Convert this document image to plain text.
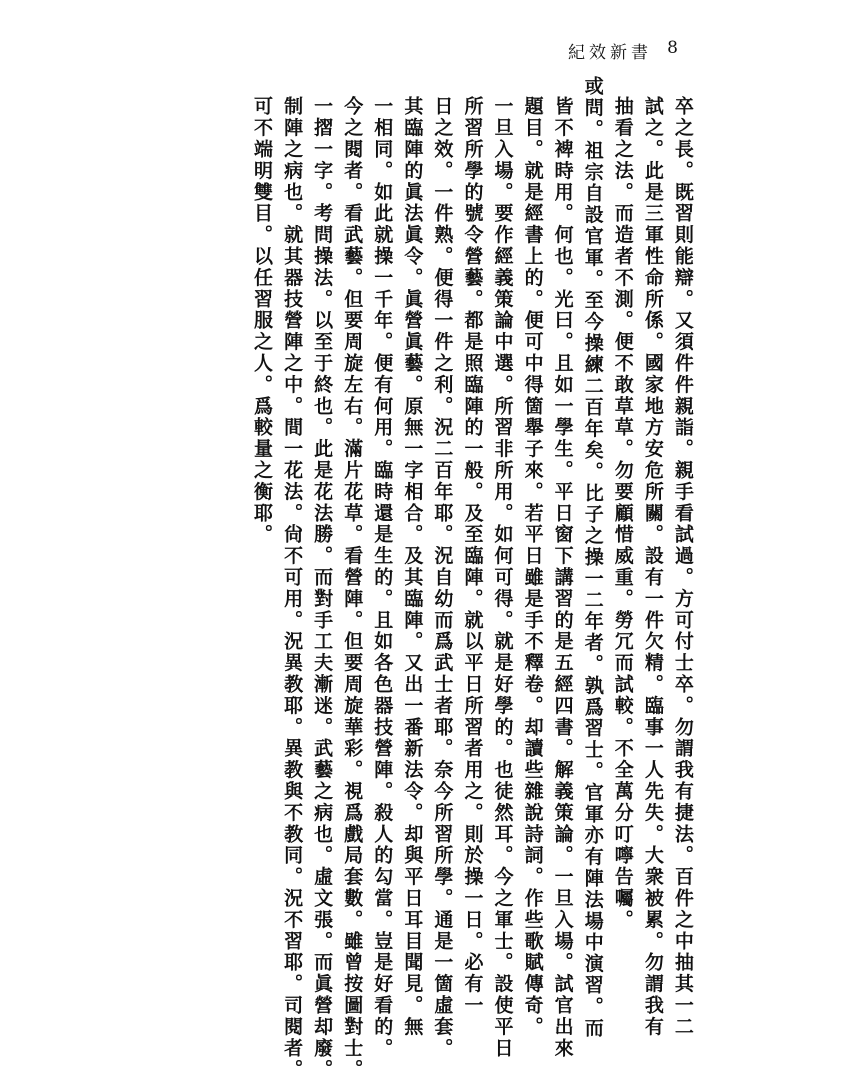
紀效新書 8
卒之長。既習則能辯。又須件件親詣。親手看試過。方可付士卒。勿謂我有捷法。百件之中抽其一二
試之。此是三軍性命所係。國家地方安危所關。設有一件欠精。臨事一人先失。大衆被累。勿謂我有
抽看之法。而造者不測。便不敢草草。勿要顧惜威重。勞冗而試較。不全萬分叮嚀告囑。
或問。祖宗自設官軍。至今操練二百年矣。比子之操一二年者。孰爲習士。官軍亦有陣法場中演習。而
皆不裨時用。何也。光曰。且如一學生。平日窗下講習的是五經四書。解義策論。一旦入場。試官出來
題目。就是經書上的。便可中得箇舉子來。若平日雖是手不釋卷。却讀些雜說詩詞。作些歌賦傳奇。
一旦入場。要作經義策論中選。所習非所用。如何可得。就是好學的。也徒然耳。今之軍士。設使平日
所習所學的號令營藝。都是照臨陣的一般。及至臨陣。就以平日所習者用之。則於操一日。必有一
日之效。一件熟。便得一件之利。況二百年耶。況自幼而爲武士者耶。奈今所習所學。通是一箇虛套。
其臨陣的眞法眞令。眞營眞藝。原無一字相合。及其臨陣。又出一番新法令。却與平日耳目聞見。無
一相同。如此就操一千年。便有何用。臨時還是生的。且如各色器技營陣。殺人的勾當。豈是好看的。
今之閱者。看武藝。但要周旋左右。滿片花草。看營陣。但要周旋華彩。視爲戲局套數。雖曾按圖對士。
一摺一字。考問操法。以至于終也。此是花法勝。而對手工夫漸迷。武藝之病也。虛文張。而眞營却廢。
制陣之病也。就其器技營陣之中。間一花法。尙不可用。況異教耶。異教與不教同。況不習耶。司閱者。
可不端明雙目。以任習服之人。爲較量之衡耶。
